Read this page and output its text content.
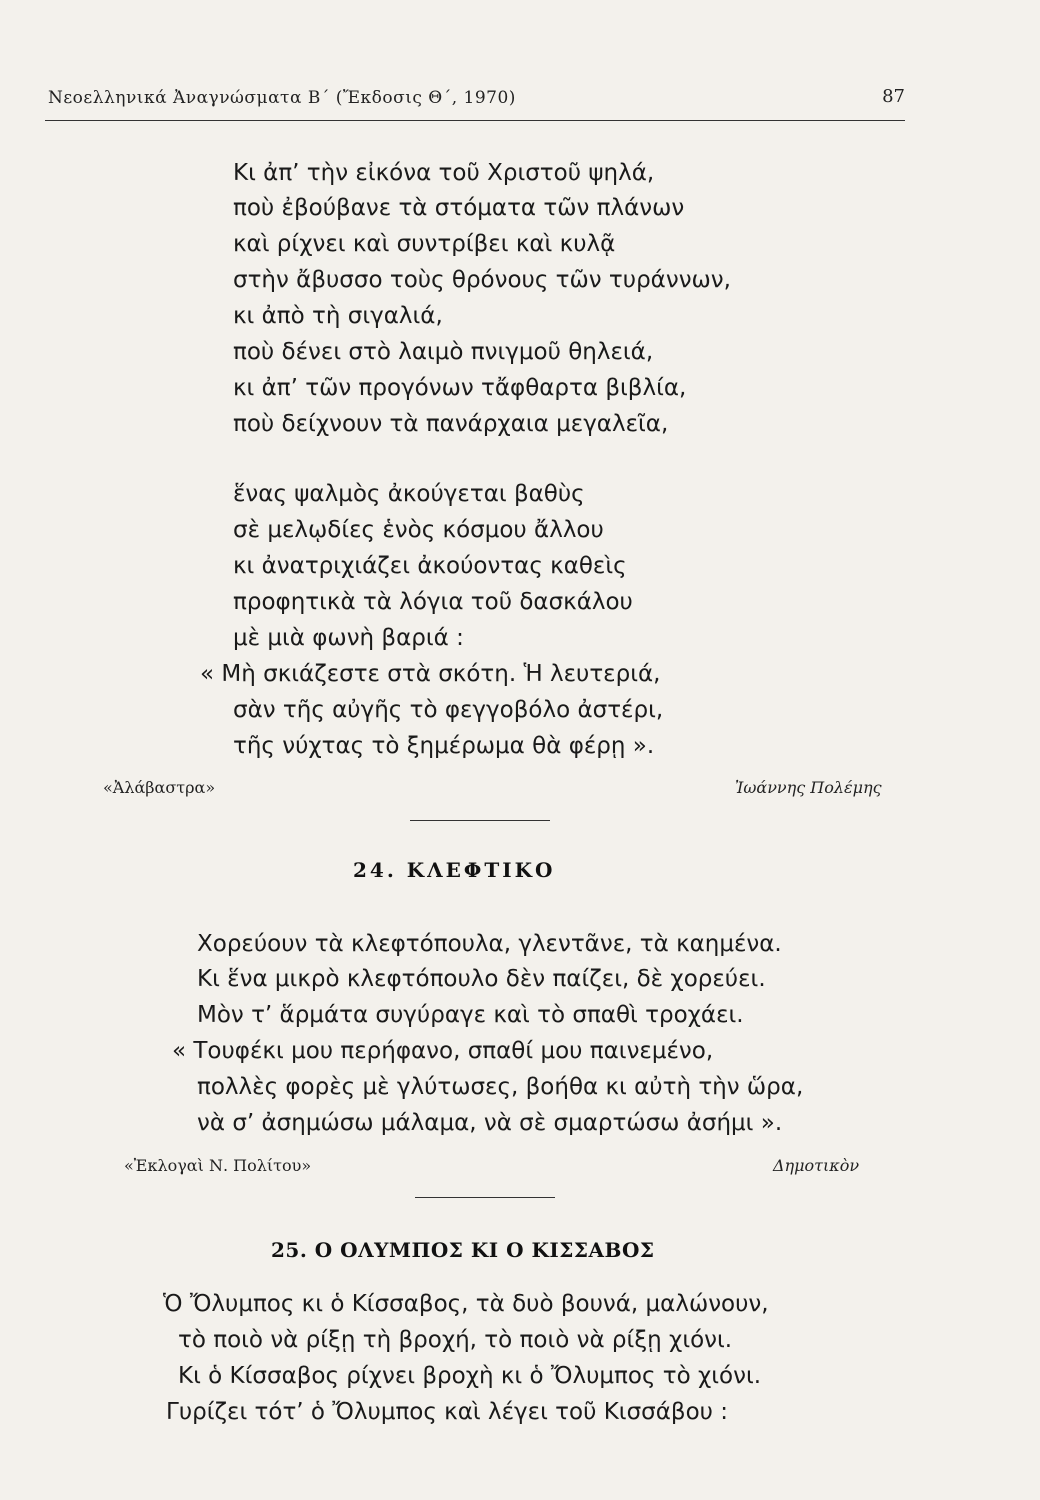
Νεοελληνικά Ἀναγνώσματα Β΄ (Ἔκδοσις Θ΄, 1970)	87
Κι ἀπ’ τὴν εἰκόνα τοῦ Χριστοῦ ψηλά,
ποὺ ἐβούβανε τὰ στόματα τῶν πλάνων
καὶ ρίχνει καὶ συντρίβει καὶ κυλᾷ
στὴν ἄβυσσο τοὺς θρόνους τῶν τυράννων,
κι ἀπὸ τὴ σιγαλιά,
ποὺ δένει στὸ λαιμὸ πνιγμοῦ θηλειά,
κι ἀπ’ τῶν προγόνων τἄφθαρτα βιβλία,
ποὺ δείχνουν τὰ πανάρχαια μεγαλεῖα,
ἕνας ψαλμὸς ἀκούγεται βαθὺς
σὲ μελῳδίες ἑνὸς κόσμου ἄλλου
κι ἀνατριχιάζει ἀκούοντας καθεὶς
προφητικὰ τὰ λόγια τοῦ δασκάλου
μὲ μιὰ φωνὴ βαριά :
« Μὴ σκιάζεστε στὰ σκότη. Ἡ λευτεριά,
σὰν τῆς αὐγῆς τὸ φεγγοβόλο ἀστέρι,
τῆς νύχτας τὸ ξημέρωμα θὰ φέρῃ ».
«Ἀλάβαστρα»	Ἰωάννης Πολέμης
24. ΚΛΕΦΤΙΚΟ
Χορεύουν τὰ κλεφτόπουλα, γλεντᾶνε, τὰ καημένα.
Κι ἕνα μικρὸ κλεφτόπουλο δὲν παίζει, δὲ χορεύει.
Μὸν τ’ ἅρμάτα συγύραγε καὶ τὸ σπαθὶ τροχάει.
« Τουφέκι μου περήφανο, σπαθί μου παινεμένο,
πολλὲς φορὲς μὲ γλύτωσες, βοήθα κι αὐτὴ τὴν ὥρα,
νὰ σ’ ἀσημώσω μάλαμα, νὰ σὲ σμαρτώσω ἀσήμι ».
«Ἐκλογαὶ Ν. Πολίτου»	Δημοτικὸν
25. Ο ΟΛΥΜΠΟΣ ΚΙ Ο ΚΙΣΣΑΒΟΣ
Ὁ Ὄλυμπος κι ὁ Κίσσαβος, τὰ δυὸ βουνά, μαλώνουν,
τὸ ποιὸ νὰ ρίξῃ τὴ βροχή, τὸ ποιὸ νὰ ρίξῃ χιόνι.
Κι ὁ Κίσσαβος ρίχνει βροχὴ κι ὁ Ὄλυμπος τὸ χιόνι.
Γυρίζει τότ’ ὁ Ὄλυμπος καὶ λέγει τοῦ Κισσάβου :
